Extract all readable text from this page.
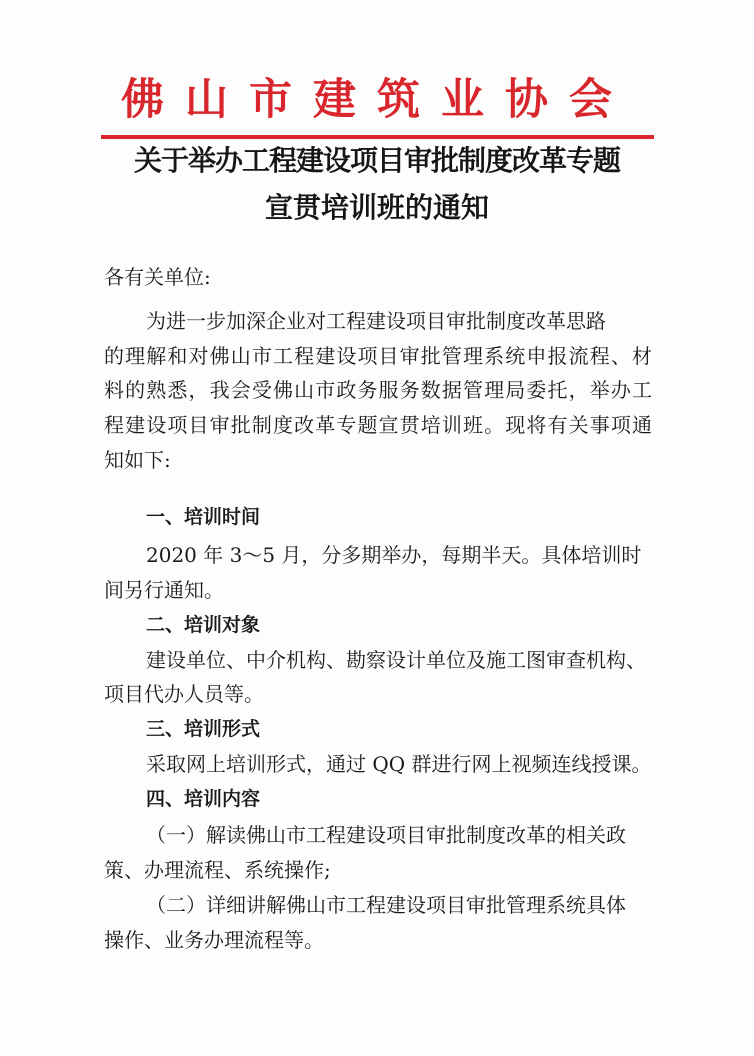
佛山市建筑业协会
关于举办工程建设项目审批制度改革专题
宣贯培训班的通知
各有关单位:
为进一步加深企业对工程建设项目审批制度改革思路
的理解和对佛山市工程建设项目审批管理系统申报流程、材
料的熟悉，我会受佛山市政务服务数据管理局委托，举办工
程建设项目审批制度改革专题宣贯培训班。现将有关事项通
知如下:
一、培训时间
2020 年 3～5 月，分多期举办，每期半天。具体培训时
间另行通知。
二、培训对象
建设单位、中介机构、勘察设计单位及施工图审查机构、
项目代办人员等。
三、培训形式
采取网上培训形式，通过 QQ 群进行网上视频连线授课。
四、培训内容
（一）解读佛山市工程建设项目审批制度改革的相关政
策、办理流程、系统操作;
（二）详细讲解佛山市工程建设项目审批管理系统具体
操作、业务办理流程等。
